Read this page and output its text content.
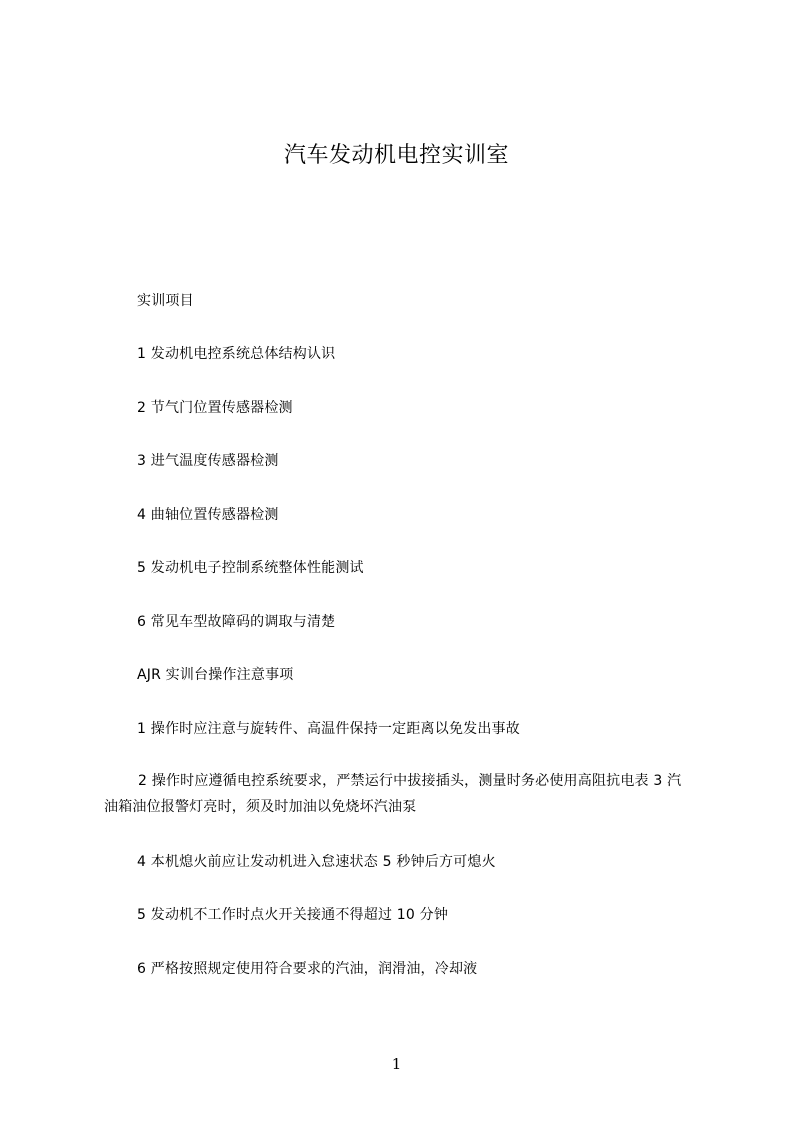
汽车发动机电控实训室
实训项目
1 发动机电控系统总体结构认识
2 节气门位置传感器检测
3 进气温度传感器检测
4 曲轴位置传感器检测
5 发动机电子控制系统整体性能测试
6 常见车型故障码的调取与清楚
AJR 实训台操作注意事项
1 操作时应注意与旋转件、高温件保持一定距离以免发出事故
2 操作时应遵循电控系统要求，严禁运行中拔接插头，测量时务必使用高阻抗电表 3 汽油箱油位报警灯亮时，须及时加油以免烧坏汽油泵
4 本机熄火前应让发动机进入怠速状态 5 秒钟后方可熄火
5 发动机不工作时点火开关接通不得超过 10 分钟
6 严格按照规定使用符合要求的汽油，润滑油，冷却液
1
